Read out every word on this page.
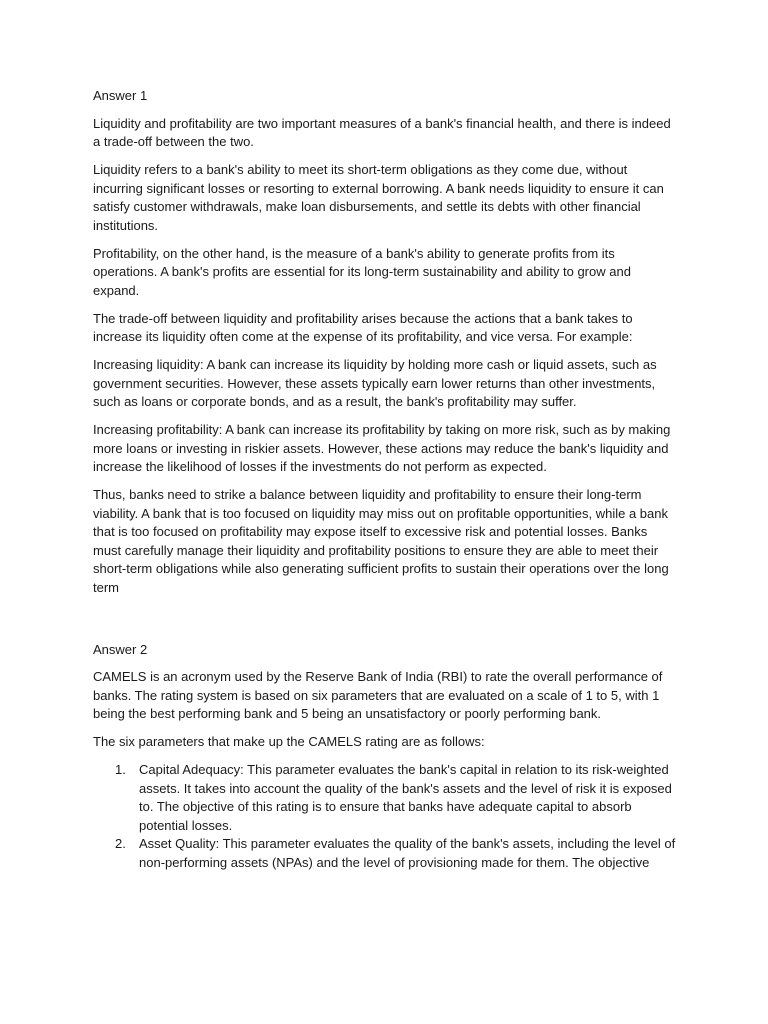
Answer 1

Liquidity and profitability are two important measures of a bank's financial health, and there is indeed a trade-off between the two.

Liquidity refers to a bank's ability to meet its short-term obligations as they come due, without incurring significant losses or resorting to external borrowing. A bank needs liquidity to ensure it can satisfy customer withdrawals, make loan disbursements, and settle its debts with other financial institutions.

Profitability, on the other hand, is the measure of a bank's ability to generate profits from its operations. A bank's profits are essential for its long-term sustainability and ability to grow and expand.

The trade-off between liquidity and profitability arises because the actions that a bank takes to increase its liquidity often come at the expense of its profitability, and vice versa. For example:

Increasing liquidity: A bank can increase its liquidity by holding more cash or liquid assets, such as government securities. However, these assets typically earn lower returns than other investments, such as loans or corporate bonds, and as a result, the bank's profitability may suffer.

Increasing profitability: A bank can increase its profitability by taking on more risk, such as by making more loans or investing in riskier assets. However, these actions may reduce the bank's liquidity and increase the likelihood of losses if the investments do not perform as expected.

Thus, banks need to strike a balance between liquidity and profitability to ensure their long-term viability. A bank that is too focused on liquidity may miss out on profitable opportunities, while a bank that is too focused on profitability may expose itself to excessive risk and potential losses. Banks must carefully manage their liquidity and profitability positions to ensure they are able to meet their short-term obligations while also generating sufficient profits to sustain their operations over the long term

Answer 2

CAMELS is an acronym used by the Reserve Bank of India (RBI) to rate the overall performance of banks. The rating system is based on six parameters that are evaluated on a scale of 1 to 5, with 1 being the best performing bank and 5 being an unsatisfactory or poorly performing bank.

The six parameters that make up the CAMELS rating are as follows:

1. Capital Adequacy: This parameter evaluates the bank's capital in relation to its risk-weighted assets. It takes into account the quality of the bank's assets and the level of risk it is exposed to. The objective of this rating is to ensure that banks have adequate capital to absorb potential losses.
2. Asset Quality: This parameter evaluates the quality of the bank's assets, including the level of non-performing assets (NPAs) and the level of provisioning made for them. The objective
